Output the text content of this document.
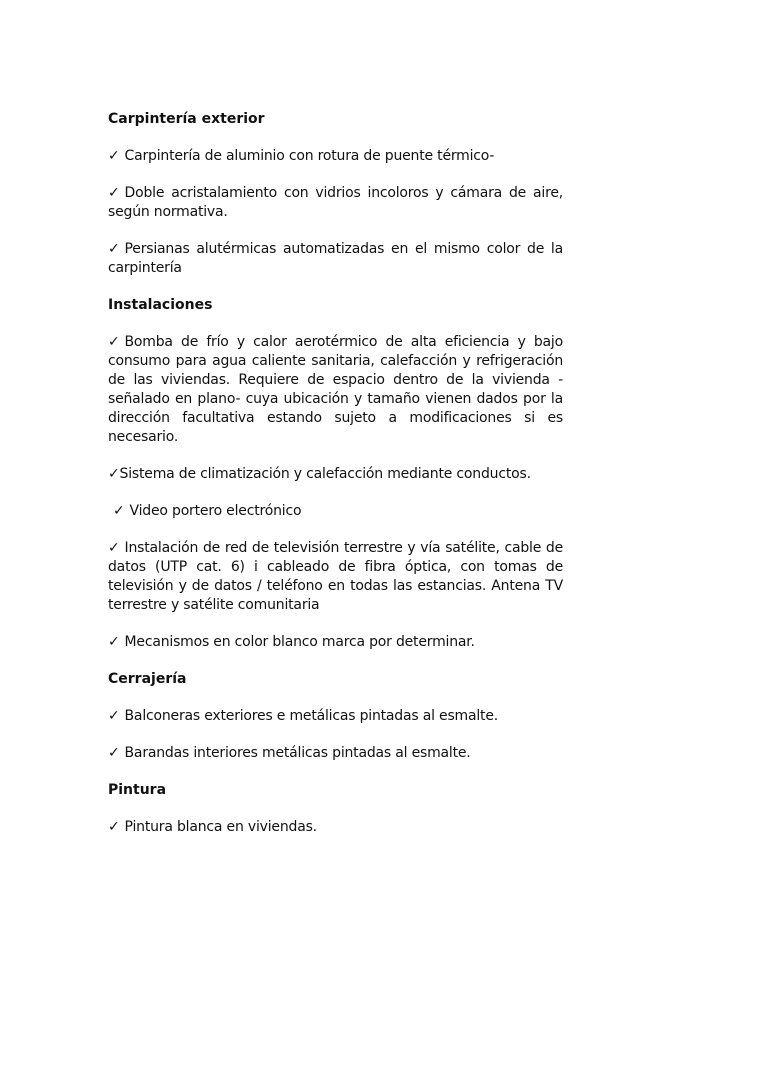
Carpintería exterior
✓ Carpintería de aluminio con rotura de puente térmico-
✓ Doble acristalamiento con vidrios incoloros y cámara de aire, según normativa.
✓ Persianas alutérmicas automatizadas en el mismo color de la carpintería
Instalaciones
✓ Bomba de frío y calor aerotérmico de alta eficiencia y bajo consumo para agua caliente sanitaria, calefacción y refrigeración de las viviendas. Requiere de espacio dentro de la vivienda -señalado en plano- cuya ubicación y tamaño vienen dados por la dirección facultativa estando sujeto a modificaciones si es necesario.
✓Sistema de climatización y calefacción mediante conductos.
✓ Video portero electrónico
✓ Instalación de red de televisión terrestre y vía satélite, cable de datos (UTP cat. 6) i cableado de fibra óptica, con tomas de televisión y de datos / teléfono en todas las estancias. Antena TV terrestre y satélite comunitaria
✓ Mecanismos en color blanco marca por determinar.
Cerrajería
✓ Balconeras exteriores e metálicas pintadas al esmalte.
✓ Barandas interiores metálicas pintadas al esmalte.
Pintura
✓ Pintura blanca en viviendas.
